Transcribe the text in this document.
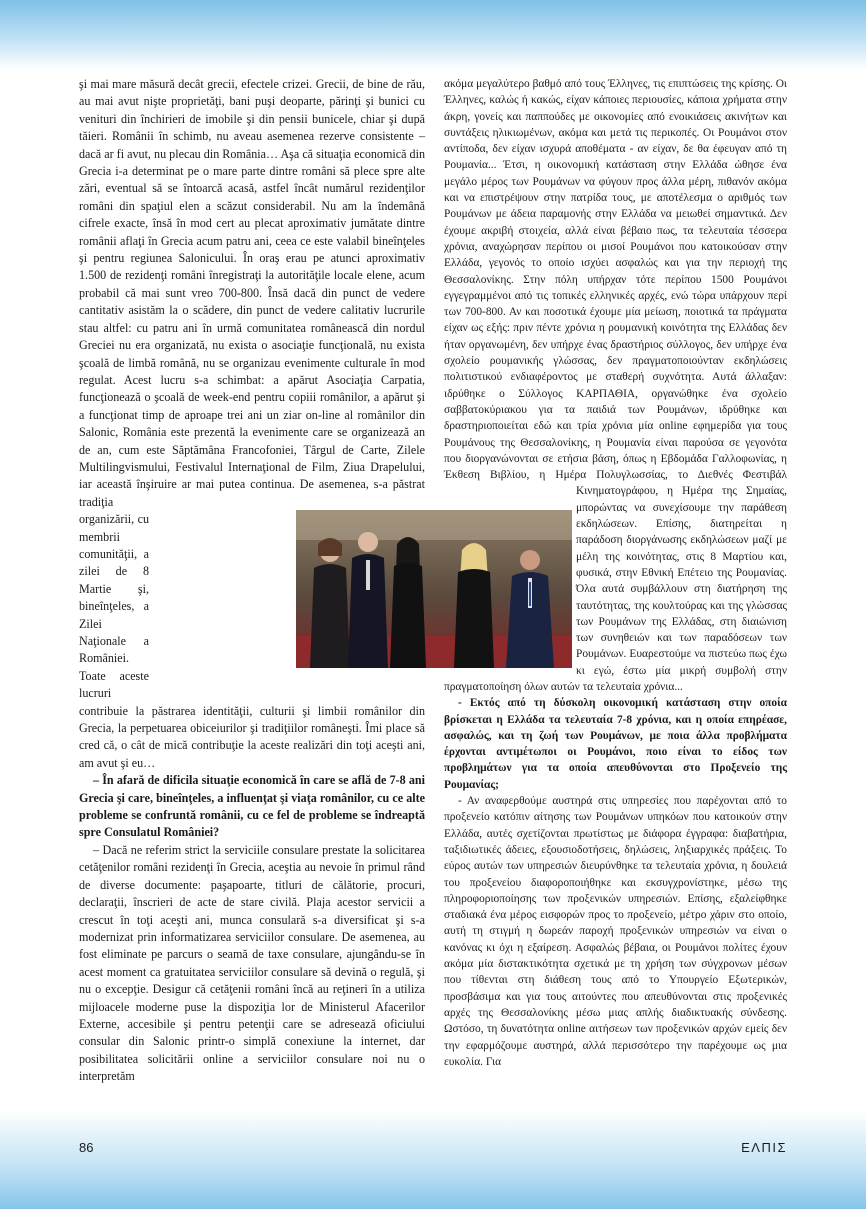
şi mai mare măsură decât grecii, efectele crizei. Grecii, de bine de rău, au mai avut nişte proprietăţi, bani puşi deoparte, părinţi şi bunici cu venituri din închirieri de imobile şi din pensii bunicele, chiar şi după tăieri. Românii în schimb, nu aveau asemenea rezerve consistente – dacă ar fi avut, nu plecau din România… Aşa că situaţia economică din Grecia i-a determinat pe o mare parte dintre români să plece spre alte zări, eventual să se întoarcă acasă, astfel încât numărul rezidenţilor români din spaţiul elen a scăzut considerabil. Nu am la îndemână cifrele exacte, însă în mod cert au plecat aproximativ jumătate dintre românii aflaţi în Grecia acum patru ani, ceea ce este valabil bineînţeles şi pentru regiunea Salonicului. În oraş erau pe atunci aproximativ 1.500 de rezidenţi români înregistraţi la autorităţile locale elene, acum probabil că mai sunt vreo 700-800. Însă dacă din punct de vedere cantitativ asistăm la o scădere, din punct de vedere calitativ lucrurile stau altfel: cu patru ani în urmă comunitatea românească din nordul Greciei nu era organizată, nu exista o asociaţie funcţională, nu exista şcoală de limbă română, nu se organizau evenimente culturale în mod regulat. Acest lucru s-a schimbat: a apărut Asociaţia Carpatia, funcţionează o şcoală de week-end pentru copiii românilor, a apărut şi a funcţionat timp de aproape trei ani un ziar on-line al românilor din Salonic, România este prezentă la evenimente care se organizează an de an, cum este Săptămâna Francofoniei, Târgul de Carte, Zilele Multilingvismului, Festivalul Internaţional de Film, Ziua Drapelului, iar această înşiruire ar mai putea continua. De asemenea, s-a păstrat tradiţia organizării, cu membrii comunităţii, a zilei de 8 Martie şi, bineînţeles, a Zilei Naţionale a României. Toate aceste lucruri contribuie la păstrarea identităţii, culturii şi limbii românilor din Grecia, la perpetuarea obiceiurilor şi tradiţiilor româneşti. Îmi place să cred că, o cât de mică contribuţie la aceste realizări din toţi aceşti ani, am avut şi eu…

– În afară de dificila situaţie economică în care se află de 7-8 ani Grecia şi care, bineînţeles, a influenţat şi viaţa românilor, cu ce alte probleme se confruntă românii, cu ce fel de probleme se îndreaptă spre Consulatul României?

– Dacă ne referim strict la serviciile consulare prestate la solicitarea cetăţenilor români rezidenţi în Grecia, aceştia au nevoie în primul rând de diverse documente: paşapoarte, titluri de călătorie, procuri, declaraţii, înscrieri de acte de stare civilă. Plaja acestor servicii a crescut în toţi aceşti ani, munca consulară s-a diversificat şi s-a modernizat prin informatizarea serviciilor consulare. De asemenea, au fost eliminate pe parcurs o seamă de taxe consulare, ajungându-se în acest moment ca gratuitatea serviciilor consulare să devină o regulă, şi nu o excepţie. Desigur că cetăţenii români încă au reţineri în a utiliza mijloacele moderne puse la dispoziţia lor de Ministerul Afacerilor Externe, accesibile şi pentru petenţii care se adresează oficiului consular din Salonic printr-o simplă conexiune la internet, dar posibilitatea solicitării online a serviciilor consulare noi nu o interpretăm

ακόμα μεγαλύτερο βαθμό από τους Έλληνες, τις επιπτώσεις της κρίσης. Οι Έλληνες, καλώς ή κακώς, είχαν κάποιες περιουσίες, κάποια χρήματα στην άκρη, γονείς και παππούδες με οικονομίες από ενοικιάσεις ακινήτων και συντάξεις ηλικιωμένων, ακόμα και μετά τις περικοπές. Οι Ρουμάνοι στον αντίποδα, δεν είχαν ισχυρά αποθέματα - αν είχαν, δε θα έφευγαν από τη Ρουμανία... Έτσι, η οικονομική κατάσταση στην Ελλάδα ώθησε ένα μεγάλο μέρος των Ρουμάνων να φύγουν προς άλλα μέρη, πιθανόν ακόμα και να επιστρέψουν στην πατρίδα τους, με αποτέλεσμα ο αριθμός των Ρουμάνων με άδεια παραμονής στην Ελλάδα να μειωθεί σημαντικά. Δεν έχουμε ακριβή στοιχεία, αλλά είναι βέβαιο πως, τα τελευταία τέσσερα χρόνια, αναχώρησαν περίπου οι μισοί Ρουμάνοι που κατοικούσαν στην Ελλάδα, γεγονός το οποίο ισχύει ασφαλώς και για την περιοχή της Θεσσαλονίκης. Στην πόλη υπήρχαν τότε περίπου 1500 Ρουμάνοι εγγεγραμμένοι από τις τοπικές ελληνικές αρχές, ενώ τώρα υπάρχουν περί των 700-800. Αν και ποσοτικά έχουμε μία μείωση, ποιοτικά τα πράγματα είχαν ως εξής: πριν πέντε χρόνια η ρουμανική κοινότητα της Ελλάδας δεν ήταν οργανωμένη, δεν υπήρχε ένας δραστήριος σύλλογος, δεν υπήρχε ένα σχολείο ρουμανικής γλώσσας, δεν πραγματοποιούνταν εκδηλώσεις πολιτιστικού ενδιαφέροντος με σταθερή συχνότητα. Αυτά άλλαξαν: ιδρύθηκε ο Σύλλογος ΚΑΡΠΑΘΙΑ, οργανώθηκε ένα σχολείο σαββατοκύριακου για τα παιδιά των Ρουμάνων, ιδρύθηκε και δραστηριοποιείται εδώ και τρία χρόνια μία online εφημερίδα για τους Ρουμάνους της Θεσσαλονίκης, η Ρουμανία είναι παρούσα σε γεγονότα που διοργανώνονται σε ετήσια βάση, όπως η Εβδομάδα Γαλλοφωνίας, η Έκθεση Βιβλίου, η Ημέρα Πολυγλωσσίας, το Διεθνές Φεστιβάλ Κινηματογράφου, η Ημέρα της Σημαίας, μπορώντας να συνεχίσουμε την παράθεση εκδηλώσεων. Επίσης, διατηρείται η παράδοση διοργάνωσης εκδηλώσεων μαζί με μέλη της κοινότητας, στις 8 Μαρτίου και, φυσικά, στην Εθνική Επέτειο της Ρουμανίας. Όλα αυτά συμβάλλουν στη διατήρηση της ταυτότητας, της κουλτούρας και της γλώσσας των Ρουμάνων της Ελλάδας, στη διαιώνιση των συνηθειών και των παραδόσεων των Ρουμάνων. Ευαρεστούμε να πιστεύω πως έχω κι εγώ, έστω μία μικρή συμβολή στην πραγματοποίηση όλων αυτών τα τελευταία χρόνια...

- Εκτός από τη δύσκολη οικονομική κατάσταση στην οποία βρίσκεται η Ελλάδα τα τελευταία 7-8 χρόνια, και η οποία επηρέασε, ασφαλώς, και τη ζωή των Ρουμάνων, με ποια άλλα προβλήματα έρχονται αντιμέτωποι οι Ρουμάνοι, ποιο είναι το είδος των προβλημάτων για τα οποία απευθύνονται στο Προξενείο της Ρουμανίας;

- Αν αναφερθούμε αυστηρά στις υπηρεσίες που παρέχονται από το προξενείο κατόπιν αίτησης των Ρουμάνων υπηκόων που κατοικούν στην Ελλάδα, αυτές σχετίζονται πρωτίστως με διάφορα έγγραφα: διαβατήρια, ταξιδιωτικές άδειες, εξουσιοδοτήσεις, δηλώσεις, ληξιαρχικές πράξεις. Το εύρος αυτών των υπηρεσιών διευρύνθηκε τα τελευταία χρόνια, η δουλειά του προξενείου διαφοροποιήθηκε και εκσυγχρονίστηκε, μέσω της πληροφοριοποίησης των προξενικών υπηρεσιών. Επίσης, εξαλείφθηκε σταδιακά ένα μέρος εισφορών προς το προξενείο, μέτρο χάριν στο οποίο, αυτή τη στιγμή η δωρεάν παροχή προξενικών υπηρεσιών να είναι ο κανόνας κι όχι η εξαίρεση. Ασφαλώς βέβαια, οι Ρουμάνοι πολίτες έχουν ακόμα μία διστακτικότητα σχετικά με τη χρήση των σύγχρονων μέσων που τίθενται στη διάθεση τους από το Υπουργείο Εξωτερικών, προσβάσιμα και για τους αιτούντες που απευθύνονται στις προξενικές αρχές της Θεσσαλονίκης μέσω μιας απλής διαδικτυακής σύνδεσης. Ωστόσο, τη δυνατότητα online αιτήσεων των προξενικών αρχών εμείς δεν την εφαρμόζουμε αυστηρά, αλλά περισσότερο την παρέχουμε ως μια ευκολία. Για

86	ΕΛΠΙΣ
